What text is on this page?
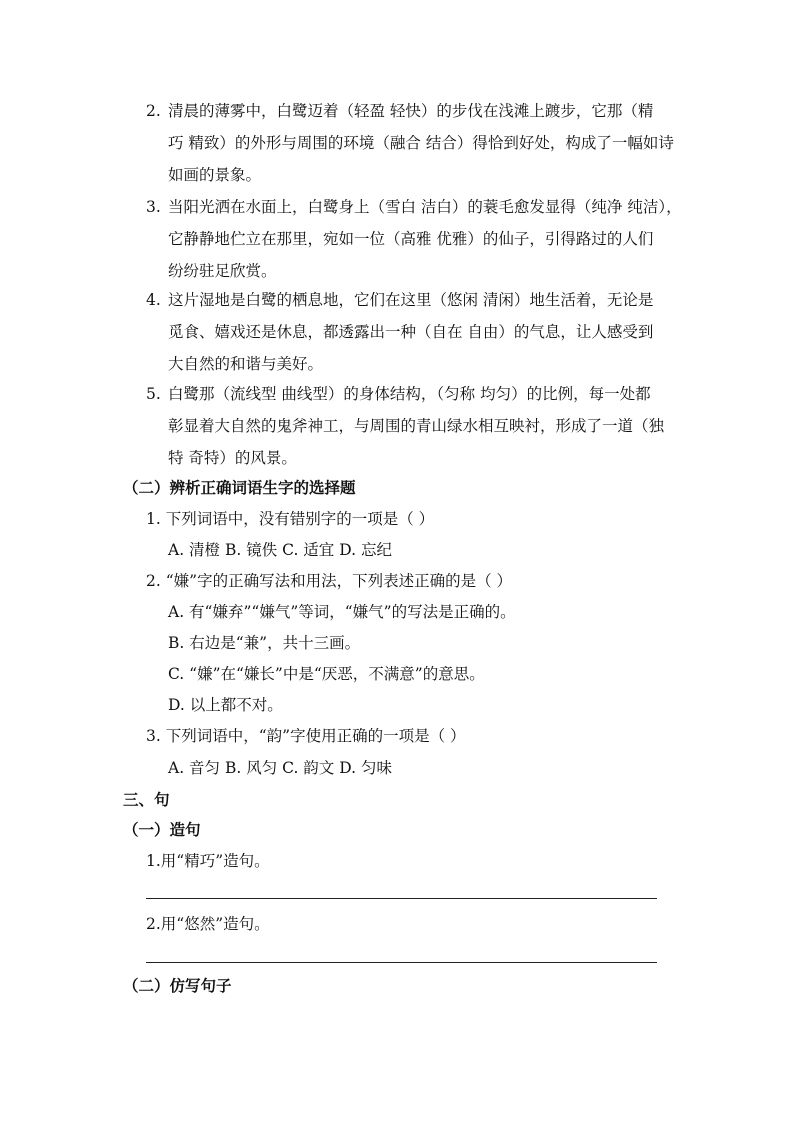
2. 清晨的薄雾中，白鹭迈着（轻盈 轻快）的步伐在浅滩上踱步，它那（精
巧 精致）的外形与周围的环境（融合 结合）得恰到好处，构成了一幅如诗
如画的景象。
3. 当阳光洒在水面上，白鹭身上（雪白 洁白）的蓑毛愈发显得（纯净 纯洁），
它静静地伫立在那里，宛如一位（高雅 优雅）的仙子，引得路过的人们
纷纷驻足欣赏。
4. 这片湿地是白鹭的栖息地，它们在这里（悠闲 清闲）地生活着，无论是
觅食、嬉戏还是休息，都透露出一种（自在 自由）的气息，让人感受到
大自然的和谐与美好。
5. 白鹭那（流线型 曲线型）的身体结构，（匀称 均匀）的比例，每一处都
彰显着大自然的鬼斧神工，与周围的青山绿水相互映衬，形成了一道（独
特 奇特）的风景。
（二）辨析正确词语生字的选择题
1. 下列词语中，没有错别字的一项是（ ）
A. 清橙 B. 镜佚 C. 适宜 D. 忘纪
2. “嫌”字的正确写法和用法，下列表述正确的是（ ）
A. 有“嫌弃”“嫌气”等词，“嫌气”的写法是正确的。
B. 右边是“兼”，共十三画。
C. “嫌”在“嫌长”中是“厌恶，不满意”的意思。
D. 以上都不对。
3. 下列词语中，“韵”字使用正确的一项是（ ）
A. 音匀 B. 风匀 C. 韵文 D. 匀味
三、句
（一）造句
1.用“精巧”造句。
2.用“悠然”造句。
（二）仿写句子
